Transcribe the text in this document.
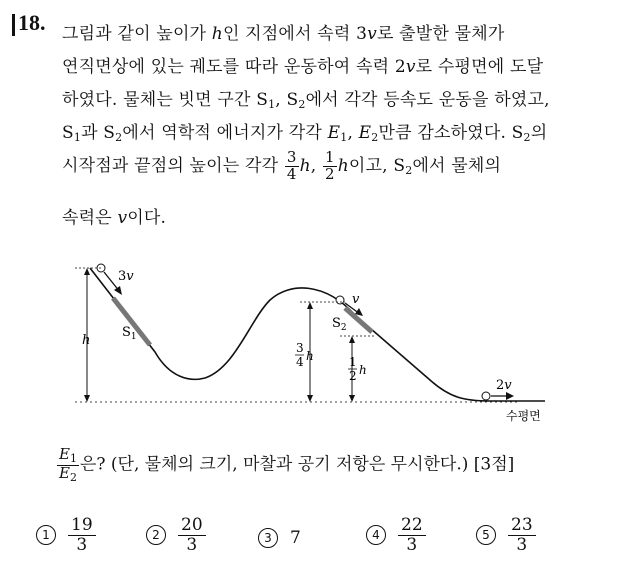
18. 그림과 같이 높이가 h인 지점에서 속력 3v로 출발한 물체가
연직면상에 있는 궤도를 따라 운동하여 속력 2v로 수평면에 도달
하였다. 물체는 빗면 구간 $S_1$, $S_2$에서 각각 등속도 운동을 하였고,
$S_1$과 $S_2$에서 역학적 에너지가 각각 $E_1$, $E_2$만큼 감소하였다. $S_2$의
시작점과 끝점의 높이는 각각 $\frac{3}{4} h$, $\frac{1}{2}$ h이고, $S_2$에서 물체의
속력은 v이다.
3v
h
$S_1$
v
$S_2$
3
4 h	1
2 h
2v
수평면
$\frac{E_1}{E_2}$ 은? (단, 물체의 크기, 마찰과 공기 저항은 무시한다.) [3점]
1	$\frac{19}{3}$	2	$\frac{20}{3}$	3	7	4	$\frac{22}{3}$	5	$\frac{23}{3}$
